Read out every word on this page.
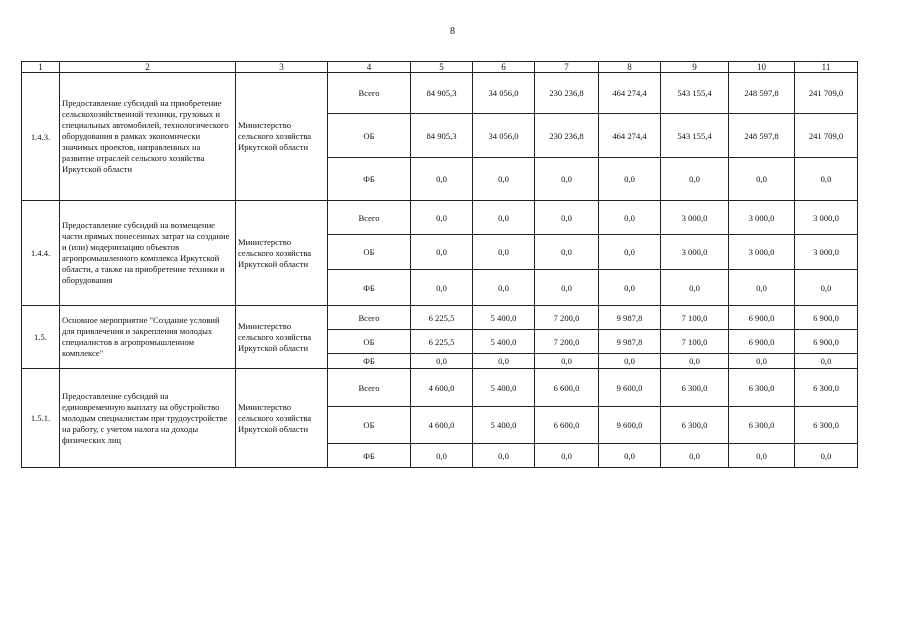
8
1	2	3	4	5	6	7	8	9	10	11
1.4.3.	Предоставление субсидий на приобретение сельскохозяйственной техники, грузовых и специальных автомобилей, технологического оборудования в рамках экономически значимых проектов, направленных на развитие отраслей сельского хозяйства Иркутской области	Министерство сельского хозяйства Иркутской области	Всего	84 905,3	34 056,0	230 236,8	464 274,4	543 155,4	248 597,8	241 709,0
			ОБ	84 905,3	34 056,0	230 236,8	464 274,4	543 155,4	248 597,8	241 709,0
			ФБ	0,0	0,0	0,0	0,0	0,0	0,0	0,0
1.4.4.	Предоставление субсидий на возмещение части прямых понесенных затрат на создание и (или) модернизацию объектов агропромышленного комплекса Иркутской области, а также на приобретение техники и оборудования	Министерство сельского хозяйства Иркутской области	Всего	0,0	0,0	0,0	0,0	3 000,0	3 000,0	3 000,0
			ОБ	0,0	0,0	0,0	0,0	3 000,0	3 000,0	3 000,0
			ФБ	0,0	0,0	0,0	0,0	0,0	0,0	0,0
1.5.	Основное мероприятие "Создание условий для привлечения и закрепления молодых специалистов в агропромышленном комплексе"	Министерство сельского хозяйства Иркутской области	Всего	6 225,5	5 400,0	7 200,0	9 987,8	7 100,0	6 900,0	6 900,0
			ОБ	6 225,5	5 400,0	7 200,0	9 987,8	7 100,0	6 900,0	6 900,0
			ФБ	0,0	0,0	0,0	0,0	0,0	0,0	0,0
1.5.1.	Предоставление субсидий на единовременную выплату на обустройство молодым специалистам при трудоустройстве на работу, с учетом налога на доходы физических лиц	Министерство сельского хозяйства Иркутской области	Всего	4 600,0	5 400,0	6 600,0	9 600,0	6 300,0	6 300,0	6 300,0
			ОБ	4 600,0	5 400,0	6 600,0	9 600,0	6 300,0	6 300,0	6 300,0
			ФБ	0,0	0,0	0,0	0,0	0,0	0,0	0,0
